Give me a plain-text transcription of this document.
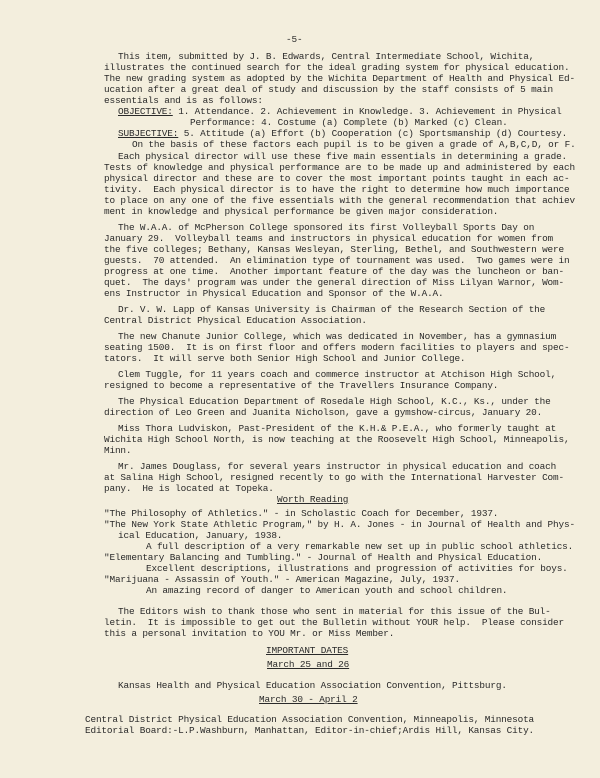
-5-
This item, submitted by J. B. Edwards, Central Intermediate School, Wichita,
illustrates the continued search for the ideal grading system for physical education.
The new grading system as adopted by the Wichita Department of Health and Physical Ed-
ucation after a great deal of study and discussion by the staff consists of 5 main
essentials and is as follows:
OBJECTIVE: 1. Attendance. 2. Achievement in Knowledge. 3. Achievement in Physical
Performance: 4. Costume (a) Complete (b) Marked (c) Clean.
SUBJECTIVE: 5. Attitude (a) Effort (b) Cooperation (c) Sportsmanship (d) Courtesy.
On the basis of these factors each pupil is to be given a grade of A,B,C,D, or F.
Each physical director will use these five main essentials in determining a grade.
Tests of knowledge and physical performance are to be made up and administered by each
physical director and these are to cover the most important points taught in each ac-
tivity.  Each physical director is to have the right to determine how much importance
to place on any one of the five essentials with the general recommendation that achiev
ment in knowledge and physical performance be given major consideration.
The W.A.A. of McPherson College sponsored its first Volleyball Sports Day on
January 29.  Volleyball teams and instructors in physical education for women from
the five colleges; Bethany, Kansas Wesleyan, Sterling, Bethel, and Southwestern were
guests.  70 attended.  An elimination type of tournament was used.  Two games were in
progress at one time.  Another important feature of the day was the luncheon or ban-
quet.  The days' program was under the general direction of Miss Lilyan Warnor, Wom-
ens Instructor in Physical Education and Sponsor of the W.A.A.
Dr. V. W. Lapp of Kansas University is Chairman of the Research Section of the
Central District Physical Education Association.
The new Chanute Junior College, which was dedicated in November, has a gymnasium
seating 1500.  It is on first floor and offers modern facilities to players and spec-
tators.  It will serve both Senior High School and Junior College.
Clem Tuggle, for 11 years coach and commerce instructor at Atchison High School,
resigned to become a representative of the Travellers Insurance Company.
The Physical Education Department of Rosedale High School, K.C., Ks., under the
direction of Leo Green and Juanita Nicholson, gave a gymshow-circus, January 20.
Miss Thora Ludviskon, Past-President of the K.H.& P.E.A., who formerly taught at
Wichita High School North, is now teaching at the Roosevelt High School, Minneapolis,
Minn.
Mr. James Douglass, for several years instructor in physical education and coach
at Salina High School, resigned recently to go with the International Harvester Com-
pany.  He is located at Topeka.
Worth Reading
"The Philosophy of Athletics." - in Scholastic Coach for December, 1937.
"The New York State Athletic Program," by H. A. Jones - in Journal of Health and Phys-
ical Education, January, 1938.
A full description of a very remarkable new set up in public school athletics.
"Elementary Balancing and Tumbling." - Journal of Health and Physical Education.
Excellent descriptions, illustrations and progression of activities for boys.
"Marijuana - Assassin of Youth." - American Magazine, July, 1937.
An amazing record of danger to American youth and school children.
The Editors wish to thank those who sent in material for this issue of the Bul-
letin.  It is impossible to get out the Bulletin without YOUR help.  Please consider
this a personal invitation to YOU Mr. or Miss Member.
IMPORTANT DATES
March 25 and 26
Kansas Health and Physical Education Association Convention, Pittsburg.
March 30 - April 2
Central District Physical Education Association Convention, Minneapolis, Minnesota
Editorial Board:-L.P.Washburn, Manhattan, Editor-in-chief;Ardis Hill, Kansas City.
